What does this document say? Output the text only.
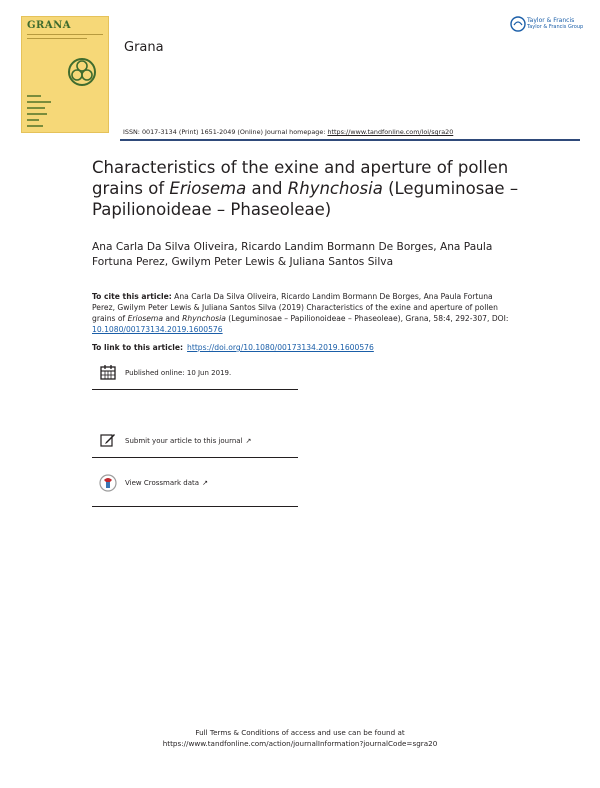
GRANA	Taylor & Francis
Taylor & Francis Group
Grana
ISSN: 0017-3134 (Print) 1651-2049 (Online) Journal homepage: https://www.tandfonline.com/loi/sgra20
Characteristics of the exine and aperture of pollen grains of Eriosema and Rhynchosia (Leguminosae – Papilionoideae – Phaseoleae)
Ana Carla Da Silva Oliveira, Ricardo Landim Bormann De Borges, Ana Paula Fortuna Perez, Gwilym Peter Lewis & Juliana Santos Silva
To cite this article: Ana Carla Da Silva Oliveira, Ricardo Landim Bormann De Borges, Ana Paula Fortuna Perez, Gwilym Peter Lewis & Juliana Santos Silva (2019) Characteristics of the exine and aperture of pollen grains of Eriosema and Rhynchosia (Leguminosae – Papilionoideae – Phaseoleae), Grana, 58:4, 292-307, DOI: 10.1080/00173134.2019.1600576
To link to this article: https://doi.org/10.1080/00173134.2019.1600576
Published online: 10 Jun 2019.
Submit your article to this journal ↗
View Crossmark data ↗
Full Terms & Conditions of access and use can be found at
https://www.tandfonline.com/action/journalInformation?journalCode=sgra20
